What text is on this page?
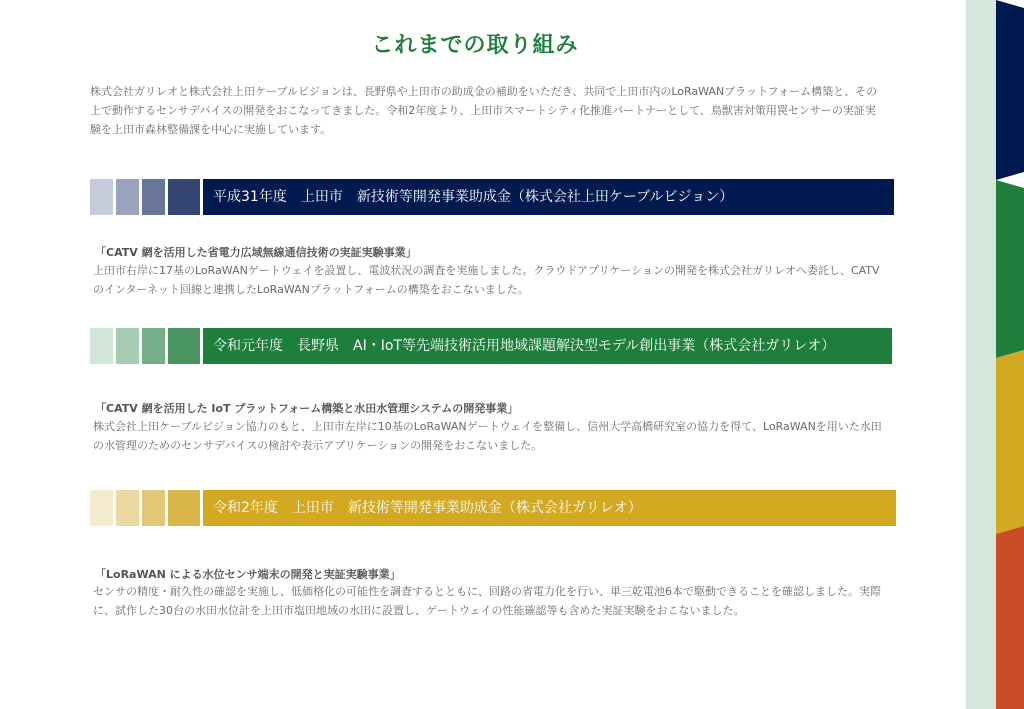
これまでの取り組み
株式会社ガリレオと株式会社上田ケーブルビジョンは、長野県や上田市の助成金の補助をいただき、共同で上田市内のLoRaWANプラットフォーム構築と、その上で動作するセンサデバイスの開発をおこなってきました。令和2年度より、上田市スマートシティ化推進パートナーとして、鳥獣害対策用罠センサーの実証実験を上田市森林整備課を中心に実施しています。
平成31年度　上田市　新技術等開発事業助成金（株式会社上田ケーブルビジョン）
「CATV 網を活用した省電力広域無線通信技術の実証実験事業」
上田市右岸に17基のLoRaWANゲートウェイを設置し、電波状況の調査を実施しました。クラウドアプリケーションの開発を株式会社ガリレオへ委託し、CATVのインターネット回線と連携したLoRaWANプラットフォームの構築をおこないました。
令和元年度　長野県　AI・IoT等先端技術活用地域課題解決型モデル創出事業（株式会社ガリレオ）
「CATV 網を活用した IoT プラットフォーム構築と水田水管理システムの開発事業」
株式会社上田ケーブルビジョン協力のもと、上田市左岸に10基のLoRaWANゲートウェイを整備し、信州大学高橋研究室の協力を得て、LoRaWANを用いた水田の水管理のためのセンサデバイスの検討や表示アプリケーションの開発をおこないました。
令和2年度　上田市　新技術等開発事業助成金（株式会社ガリレオ）
「LoRaWAN による水位センサ端末の開発と実証実験事業」
センサの精度・耐久性の確認を実施し、低価格化の可能性を調査するとともに、回路の省電力化を行い、単三乾電池6本で駆動できることを確認しました。実際に、試作した30台の水田水位計を上田市塩田地域の水田に設置し、ゲートウェイの性能確認等も含めた実証実験をおこないました。
